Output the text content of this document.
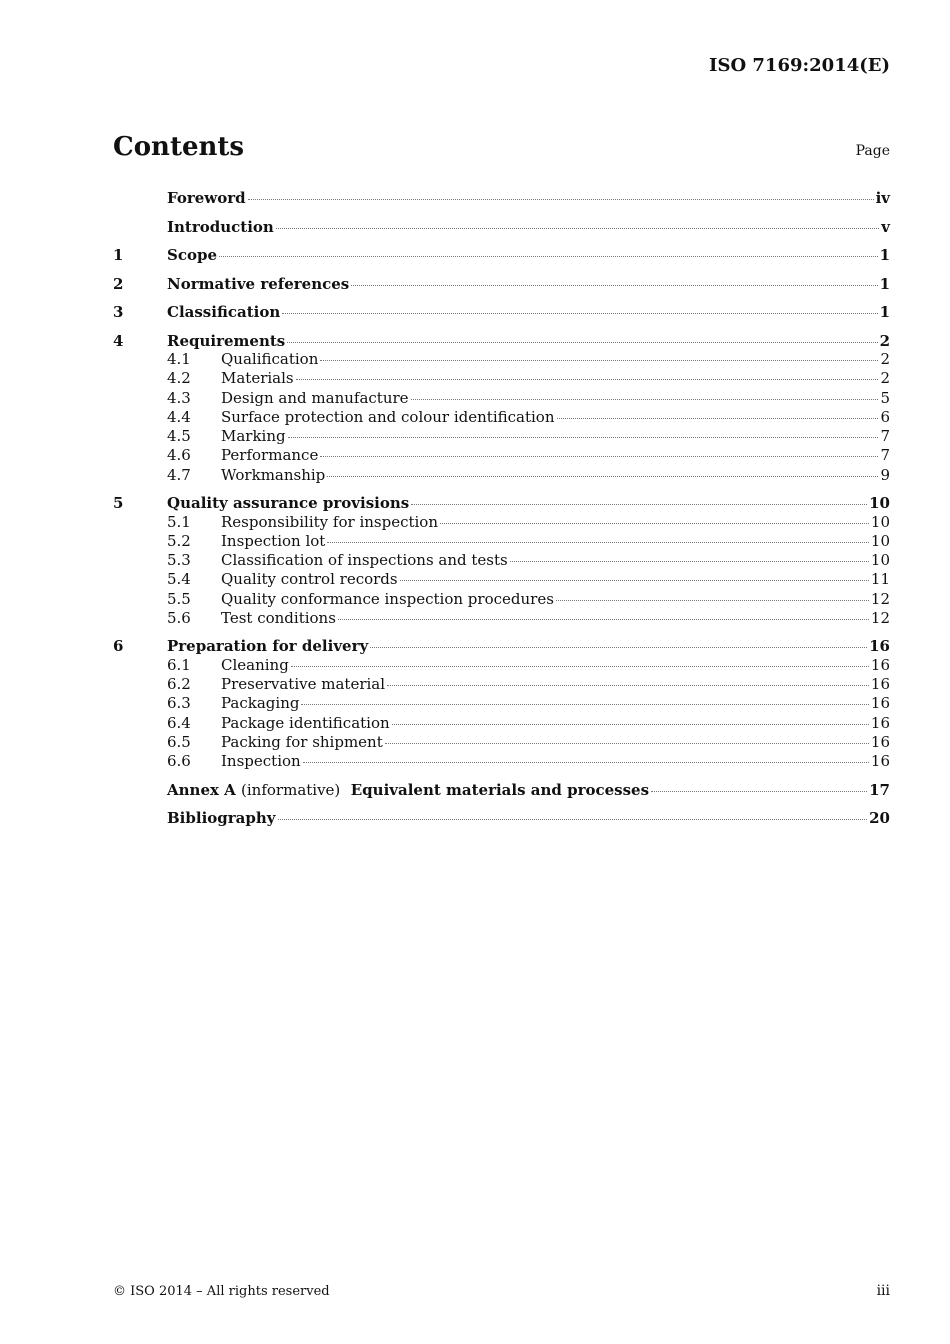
ISO 7169:2014(E)
Contents	Page
Foreword	iv
Introduction	v
1	Scope	1
2	Normative references	1
3	Classification	1
4	Requirements	2
4.1	Qualification	2
4.2	Materials	2
4.3	Design and manufacture	5
4.4	Surface protection and colour identification	6
4.5	Marking	7
4.6	Performance	7
4.7	Workmanship	9
5	Quality assurance provisions	10
5.1	Responsibility for inspection	10
5.2	Inspection lot	10
5.3	Classification of inspections and tests	10
5.4	Quality control records	11
5.5	Quality conformance inspection procedures	12
5.6	Test conditions	12
6	Preparation for delivery	16
6.1	Cleaning	16
6.2	Preservative material	16
6.3	Packaging	16
6.4	Package identification	16
6.5	Packing for shipment	16
6.6	Inspection	16
Annex A (informative) Equivalent materials and processes	17
Bibliography	20
© ISO 2014 – All rights reserved	iii
